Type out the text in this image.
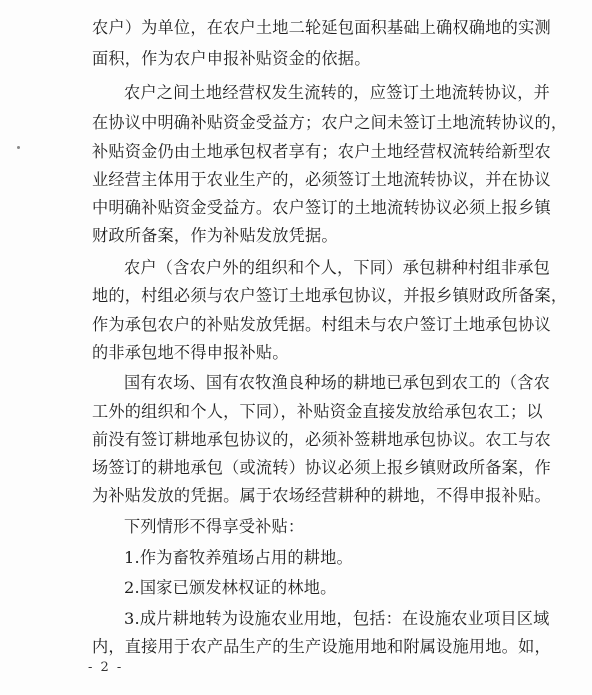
农户）为单位，在农户土地二轮延包面积基础上确权确地的实测
面积，作为农户申报补贴资金的依据。
农户之间土地经营权发生流转的，应签订土地流转协议，并
在协议中明确补贴资金受益方；农户之间未签订土地流转协议的，
补贴资金仍由土地承包权者享有；农户土地经营权流转给新型农
业经营主体用于农业生产的，必须签订土地流转协议，并在协议
中明确补贴资金受益方。农户签订的土地流转协议必须上报乡镇
财政所备案，作为补贴发放凭据。
农户（含农户外的组织和个人，下同）承包耕种村组非承包
地的，村组必须与农户签订土地承包协议，并报乡镇财政所备案，
作为承包农户的补贴发放凭据。村组未与农户签订土地承包协议
的非承包地不得申报补贴。
国有农场、国有农牧渔良种场的耕地已承包到农工的（含农
工外的组织和个人，下同），补贴资金直接发放给承包农工；以
前没有签订耕地承包协议的，必须补签耕地承包协议。农工与农
场签订的耕地承包（或流转）协议必须上报乡镇财政所备案，作
为补贴发放的凭据。属于农场经营耕种的耕地，不得申报补贴。
下列情形不得享受补贴：
1.作为畜牧养殖场占用的耕地。
2.国家已颁发林权证的林地。
3.成片耕地转为设施农业用地，包括：在设施农业项目区域
内，直接用于农产品生产的生产设施用地和附属设施用地。如，
- 2 -
